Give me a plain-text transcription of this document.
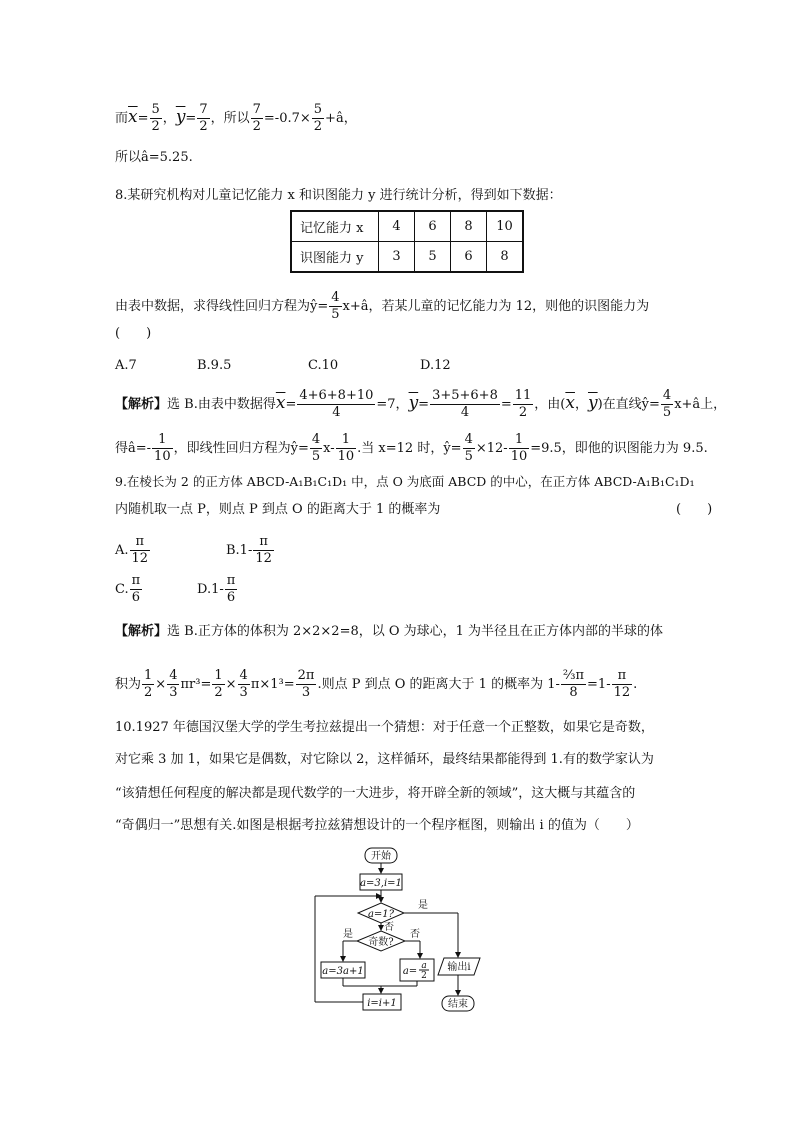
而$\overline{x}= \frac{5}{2}$ ，$\overline{y}= \frac{7}{2}$ ，所以 $\frac{7}{2} =-0.7\times \frac{5}{2}$ +â，
所以â=5.25.
8.某研究机构对儿童记忆能力 x 和识图能力 y 进行统计分析，得到如下数据：
记忆能力 x	4	6	8	10
识图能力 y	3	5	6	8
由表中数据，求得线性回归方程为ŷ= $\frac{4}{5}$ x+â，若某儿童的记忆能力为 12，则他的识图能力为
(　　)
A.7	B.9.5	C.10	D.12
【解析】选 B.由表中数据得$\overline{x}= \frac{4+6+8+10}{4} =7$，$\overline{y}= \frac{3+5+6+8}{4} = \frac{11}{2}$ ，由($\overline{x}$，$\overline{y}$)在直线ŷ= $\frac{4}{5}$ x+â上，
得â=- $\frac{1}{10}$ ，即线性回归方程为ŷ= $\frac{4}{5} x- \frac{1}{10}$ .当 x=12 时，ŷ= $\frac{4}{5} \times 12- \frac{1}{10} =9.5$，即他的识图能力为 9.5.
9.在棱长为 2 的正方体 ABCD-A₁B₁C₁D₁ 中，点 O 为底面 ABCD 的中心，在正方体 ABCD-A₁B₁C₁D₁
内随机取一点 P，则点 P 到点 O 的距离大于 1 的概率为	(　　)
A. $\frac{\pi}{12}$	$B.1- \frac{\pi}{12}$
C. $\frac{\pi}{6}$	$D.1- \frac{\pi}{6}$
【解析】选 B.正方体的体积为 2×2×2=8，以 O 为球心，1 为半径且在正方体内部的半球的体
积为 $\frac{1}{2} \times \frac{4}{3} \pi r^3= \frac{1}{2} \times \frac{4}{3} \pi\times 1^3= \frac{2\pi}{3}$ .则点 P 到点 O 的距离大于 1 的概率为 $1- \frac{\text{⅔π}}{8} =1- \frac{\pi}{12}$ .
10.1927 年德国汉堡大学的学生考拉兹提出一个猜想：对于任意一个正整数，如果它是奇数，
对它乘 3 加 1，如果它是偶数，对它除以 2，这样循环，最终结果都能得到 1.有的数学家认为
“该猜想任何程度的解决都是现代数学的一大进步，将开辟全新的领域”，这大概与其蕴含的
“奇偶归一”思想有关.如图是根据考拉兹猜想设计的一个程序框图，则输出 i 的值为（　　）
开始
a=3,i=1
a=1?
是
否
奇数?
是	否
a=3a+1	a= a
2
i=i+1
输出i
结束
